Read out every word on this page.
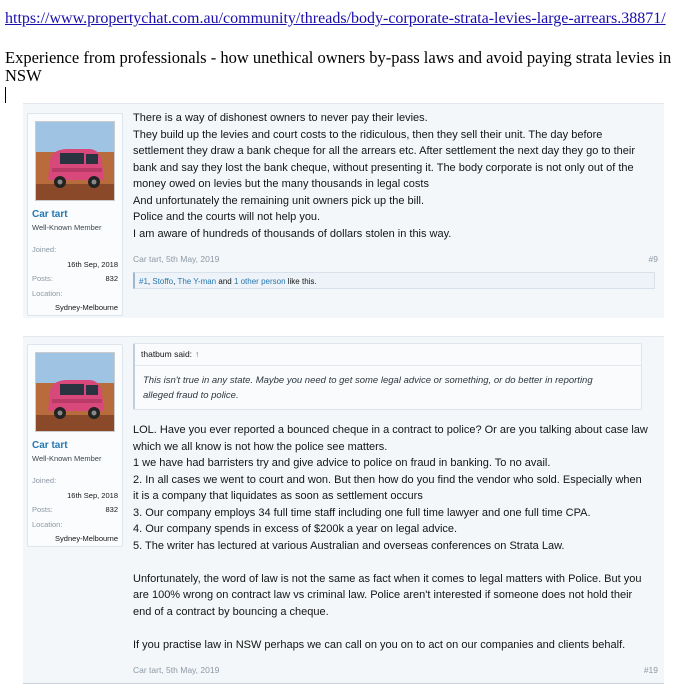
https://www.propertychat.com.au/community/threads/body-corporate-strata-levies-large-arrears.38871/
Experience from professionals - how unethical owners by-pass laws and avoid paying strata levies in NSW
Car tart
Well-Known Member
Joined:
16th Sep, 2018
Posts:	832
Location:
Sydney-Melbourne

There is a way of dishonest owners to never pay their levies.

They build up the levies and court costs to the ridiculous, then they sell their unit. The day before

settlement they draw a bank cheque for all the arrears etc. After settlement the next day they go to their

bank and say they lost the bank cheque, without presenting it. The body corporate is not only out of the

money owed on levies but the many thousands in legal costs

And unfortunately the remaining unit owners pick up the bill.

Police and the courts will not help you.

I am aware of hundreds of thousands of dollars stolen in this way.

Car tart, 5th May, 2019	#9
#1, Stoffo, The Y-man and 1 other person like this.
Car tart
Well-Known Member
Joined:
16th Sep, 2018
Posts:	832
Location:
Sydney-Melbourne
thatbum said: ↑
This isn't true in any state. Maybe you need to get some legal advice or something, or do better in reporting
alleged fraud to police.

LOL. Have you ever reported a bounced cheque in a contract to police? Or are you talking about case law

which we all know is not how the police see matters.

1 we have had barristers try and give advice to police on fraud in banking. To no avail.

2. In all cases we went to court and won. But then how do you find the vendor who sold. Especially when

it is a company that liquidates as soon as settlement occurs

3. Our company employs 34 full time staff including one full time lawyer and one full time CPA.

4. Our company spends in excess of $200k a year on legal advice.

5. The writer has lectured at various Australian and overseas conferences on Strata Law.

Unfortunately, the word of law is not the same as fact when it comes to legal matters with Police. But you

are 100% wrong on contract law vs criminal law. Police aren't interested if someone does not hold their

end of a contract by bouncing a cheque.

If you practise law in NSW perhaps we can call on you on to act on our companies and clients behalf.

Car tart, 5th May, 2019	#19
